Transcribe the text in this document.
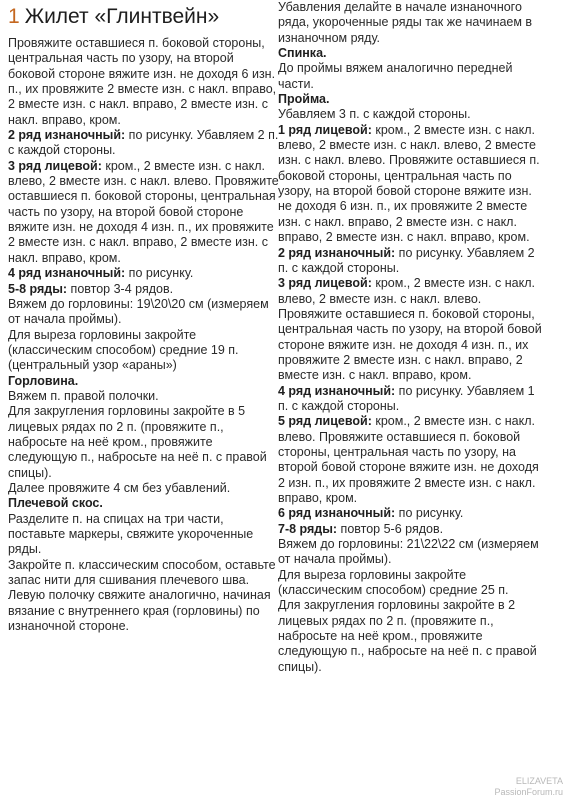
1 Жилет «Глинтвейн»

Провяжите оставшиеся п. боковой стороны, центральная часть по узору, на второй боковой стороне вяжите изн. не доходя 6 изн. п., их провяжите 2 вместе изн. с накл. вправо, 2 вместе изн. с накл. вправо, 2 вместе изн. с накл. вправо, кром.

2 ряд изнаночный: по рисунку. Убавляем 2 п. с каждой стороны.

3 ряд лицевой: кром., 2 вместе изн. с накл. влево, 2 вместе изн. с накл. влево. Провяжите оставшиеся п. боковой стороны, центральная часть по узору, на второй бовой стороне вяжите изн. не доходя 4 изн. п., их провяжите 2 вместе изн. с накл. вправо, 2 вместе изн. с накл. вправо, кром.

4 ряд изнаночный: по рисунку.

5-8 ряды: повтор 3-4 рядов.

Вяжем до горловины: 19\20\20 см (измеряем от начала проймы).

Для выреза горловины закройте (классическим способом) средние 19 п. (центральный узор «араны»)

Горловина.

Вяжем п. правой полочки.

Для закругления горловины закройте в 5 лицевых рядах по 2 п. (провяжите п., набросьте на неё кром., провяжите следующую п., набросьте на неё п. с правой спицы).

Далее провяжите 4 см без убавлений.

Плечевой скос.

Разделите п. на спицах на три части, поставьте маркеры, свяжите укороченные ряды.

Закройте п. классическим способом, оставьте запас нити для сшивания плечевого шва.

Левую полочку свяжите аналогично, начиная вязание с внутреннего края (горловины) по изнаночной стороне.

Убавления делайте в начале изнаночного ряда, укороченные ряды так же начинаем в изнаночном ряду.

Спинка.

До проймы вяжем аналогично передней части.

Пройма.

Убавляем 3 п. с каждой стороны.

1 ряд лицевой: кром., 2 вместе изн. с накл. влево, 2 вместе изн. с накл. влево, 2 вместе изн. с накл. влево. Провяжите оставшиеся п. боковой стороны, центральная часть по узору, на второй бовой стороне вяжите изн. не доходя 6 изн. п., их провяжите 2 вместе изн. с накл. вправо, 2 вместе изн. с накл. вправо, 2 вместе изн. с накл. вправо, кром.

2 ряд изнаночный: по рисунку. Убавляем 2 п. с каждой стороны.

3 ряд лицевой: кром., 2 вместе изн. с накл. влево, 2 вместе изн. с накл. влево. Провяжите оставшиеся п. боковой стороны, центральная часть по узору, на второй бовой стороне вяжите изн. не доходя 4 изн. п., их провяжите 2 вместе изн. с накл. вправо, 2 вместе изн. с накл. вправо, кром.

4 ряд изнаночный: по рисунку. Убавляем 1 п. с каждой стороны.

5 ряд лицевой: кром., 2 вместе изн. с накл. влево. Провяжите оставшиеся п. боковой стороны, центральная часть по узору, на второй бовой стороне вяжите изн. не доходя 2 изн. п., их провяжите 2 вместе изн. с накл. вправо, кром.

6 ряд изнаночный: по рисунку.

7-8 ряды: повтор 5-6 рядов.

Вяжем до горловины: 21\22\22 см (измеряем от начала проймы).

Для выреза горловины закройте (классическим способом) средние 25 п.

Для закругления горловины закройте в 2 лицевых рядах по 2 п. (провяжите п., набросьте на неё кром., провяжите следующую п., набросьте на неё п. с правой спицы).

ELIZAVETA
PassionForum.ru
